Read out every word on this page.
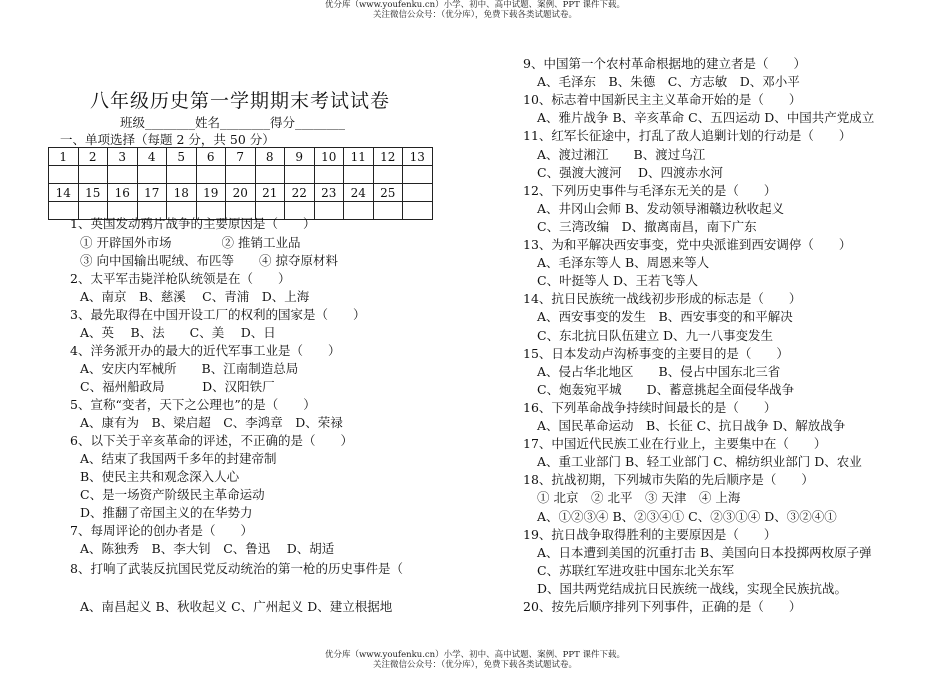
优分库（www.youfenku.cn）小学、初中、高中试题、案例、PPT 课件下载。
关注微信公众号：（优分库），免费下载各类试题试卷。
八年级历史第一学期期末考试试卷
班级________姓名________得分________
一、单项选择（每题 2 分，共 50 分）
1	2	3	4	5	6	7	8	9	10	11	12	13

14	15	16	17	18	19	20	21	22	23	24	25	

1、英国发动鸦片战争的主要原因是（　　）
① 开辟国外市场　　　　② 推销工业品
③ 向中国输出呢绒、布匹等　　④ 掠夺原材料
2、太平军击毙洋枪队统领是在（　　）
A、南京　B、慈溪　 C、青浦　D、上海
3、最先取得在中国开设工厂的权利的国家是（　　）
A、英　 B、法　　C、美　 D、日
4、洋务派开办的最大的近代军事工业是（　　）
A、安庆内军械所　　B、江南制造总局
C、福州船政局　　　D、汉阳铁厂
5、宣称“变者，天下之公理也”的是（　　）
A、康有为　B、梁启超　C、李鸿章　D、荣禄
6、以下关于辛亥革命的评述，不正确的是（　　）
A、结束了我国两千多年的封建帝制
B、使民主共和观念深入人心
C、是一场资产阶级民主革命运动
D、推翻了帝国主义的在华势力
7、每周评论的创办者是（　　）
A、陈独秀　B、李大钊　C、鲁迅　 D、胡适
8、打响了武装反抗国民党反动统治的第一枪的历史事件是（
A、南昌起义 B、秋收起义 C、广州起义 D、建立根据地
9、中国第一个农村革命根据地的建立者是（　　）
A、毛泽东　B、朱德　C、方志敏　D、邓小平
10、标志着中国新民主主义革命开始的是（　　）
A、雅片战争 B、辛亥革命 C、五四运动 D、中国共产党成立
11、红军长征途中，打乱了敌人追剿计划的行动是（　　）
A、渡过湘江　　B、渡过乌江
C、强渡大渡河　 D、四渡赤水河
12、下列历史事件与毛泽东无关的是（　　）
A、井冈山会师 B、发动领导湘赣边秋收起义
C、三湾改编　D、撤离南昌，南下广东
13、为和平解决西安事变，党中央派谁到西安调停（　　）
A、毛泽东等人 B、周恩来等人
C、叶挺等人 D、王若飞等人
14、抗日民族统一战线初步形成的标志是（　　）
A、西安事变的发生　B、西安事变的和平解决
C、东北抗日队伍建立 D、九一八事变发生
15、日本发动卢沟桥事变的主要目的是（　　）
A、侵占华北地区　　B、侵占中国东北三省
C、炮轰宛平城　　D、蓄意挑起全面侵华战争
16、下列革命战争持续时间最长的是（　　）
A、国民革命运动　B、长征 C、抗日战争 D、解放战争
17、中国近代民族工业在行业上，主要集中在（　　）
A、重工业部门 B、轻工业部门 C、棉纺织业部门 D、农业
18、抗战初期，下列城市失陷的先后顺序是（　　）
① 北京　② 北平　③ 天津　④ 上海
A、①②③④ B、②③④① C、②③①④ D、③②④①
19、抗日战争取得胜利的主要原因是（　　）
A、日本遭到美国的沉重打击 B、美国向日本投掷两枚原子弹
C、苏联红军进攻驻中国东北关东军
D、国共两党结成抗日民族统一战线，实现全民族抗战。
20、按先后顺序排列下列事件，正确的是（　　）
优分库（www.youfenku.cn）小学、初中、高中试题、案例、PPT 课件下载。
关注微信公众号：（优分库），免费下载各类试题试卷。
